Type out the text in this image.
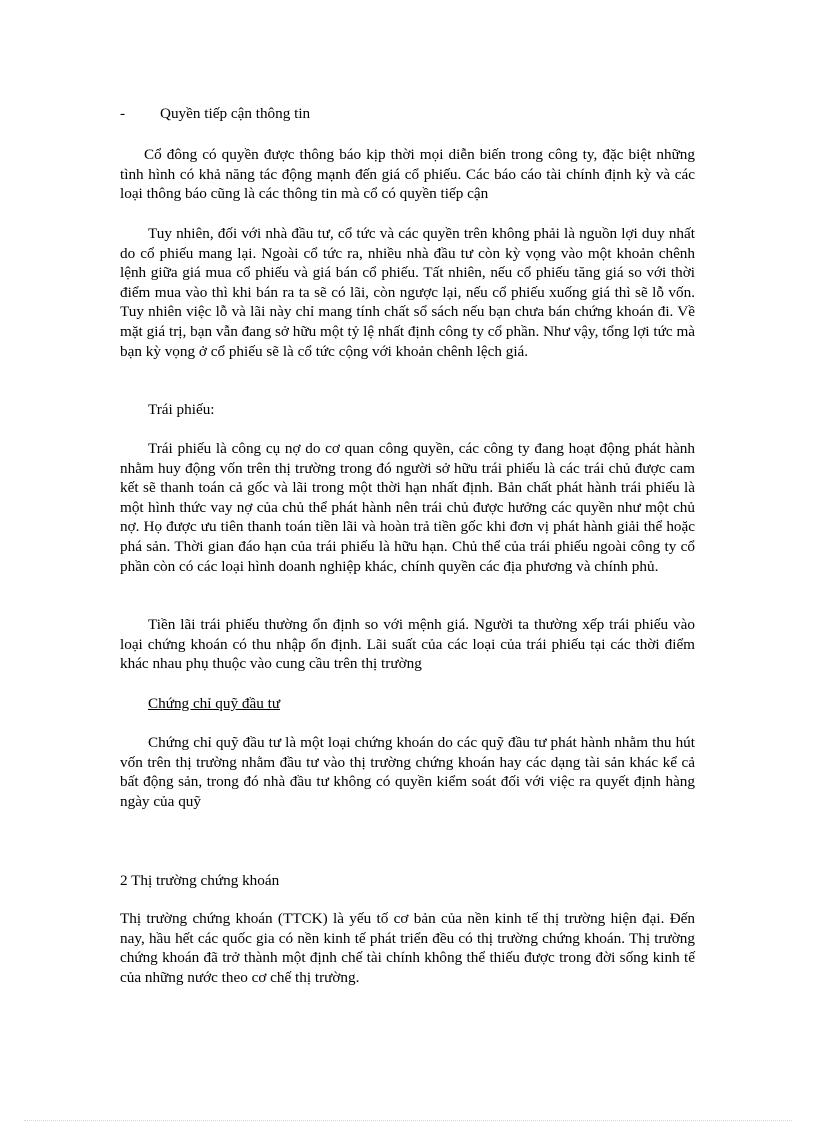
- Quyền tiếp cận thông tin

Cổ đông có quyền được thông báo kịp thời mọi diễn biến trong công ty, đặc biệt những tình hình có khả năng tác động mạnh đến giá cổ phiếu. Các báo cáo tài chính định kỳ và các loại thông báo cũng là các thông tin mà cổ có quyền tiếp cận

Tuy nhiên, đối với nhà đầu tư, cổ tức và các quyền trên không phải là nguồn lợi duy nhất do cổ phiếu mang lại. Ngoài cổ tức ra, nhiều nhà đầu tư còn kỳ vọng vào một khoản chênh lệnh giữa giá mua cổ phiếu và giá bán cổ phiếu. Tất nhiên, nếu cổ phiếu tăng giá so với thời điểm mua vào thì khi bán ra ta sẽ có lãi, còn ngược lại, nếu cổ phiếu xuống giá thì sẽ lỗ vốn. Tuy nhiên việc lỗ và lãi này chỉ mang tính chất sổ sách nếu bạn chưa bán chứng khoán đi. Về mặt giá trị, bạn vẫn đang sở hữu một tỷ lệ nhất định công ty cổ phần. Như vậy, tổng lợi tức mà bạn kỳ vọng ở cổ phiếu sẽ là cổ tức cộng với khoản chênh lệch giá.

Trái phiếu:

Trái phiếu là công cụ nợ do cơ quan công quyền, các công ty đang hoạt động phát hành nhằm huy động vốn trên thị trường trong đó người sở hữu trái phiếu là các trái chủ được cam kết sẽ thanh toán cả gốc và lãi trong một thời hạn nhất định. Bản chất phát hành trái phiếu là một hình thức vay nợ của chủ thể phát hành nên trái chủ được hưởng các quyền như một chủ nợ. Họ được ưu tiên thanh toán tiền lãi và hoàn trả tiền gốc khi đơn vị phát hành giải thể hoặc phá sản. Thời gian đáo hạn của trái phiếu là hữu hạn. Chủ thể của trái phiếu ngoài công ty cổ phần còn có các loại hình doanh nghiệp khác, chính quyền các địa phương và chính phủ.

Tiền lãi trái phiếu thường ổn định so với mệnh giá. Người ta thường xếp trái phiếu vào loại chứng khoán có thu nhập ổn định. Lãi suất của các loại của trái phiếu tại các thời điểm khác nhau phụ thuộc vào cung cầu trên thị trường

Chứng chỉ quỹ đầu tư

Chứng chỉ quỹ đầu tư là một loại chứng khoán do các quỹ đầu tư phát hành nhằm thu hút vốn trên thị trường nhằm đầu tư vào thị trường chứng khoán hay các dạng tài sản khác kể cả bất động sản, trong đó nhà đầu tư không có quyền kiểm soát đối với việc ra quyết định hàng ngày của quỹ

2 Thị trường chứng khoán

Thị trường chứng khoán (TTCK) là yếu tố cơ bản của nền kinh tế thị trường hiện đại. Đến nay, hầu hết các quốc gia có nền kinh tế phát triển đều có thị trường chứng khoán. Thị trường chứng khoán đã trở thành một định chế tài chính không thể thiếu được trong đời sống kinh tế của những nước theo cơ chế thị trường.
